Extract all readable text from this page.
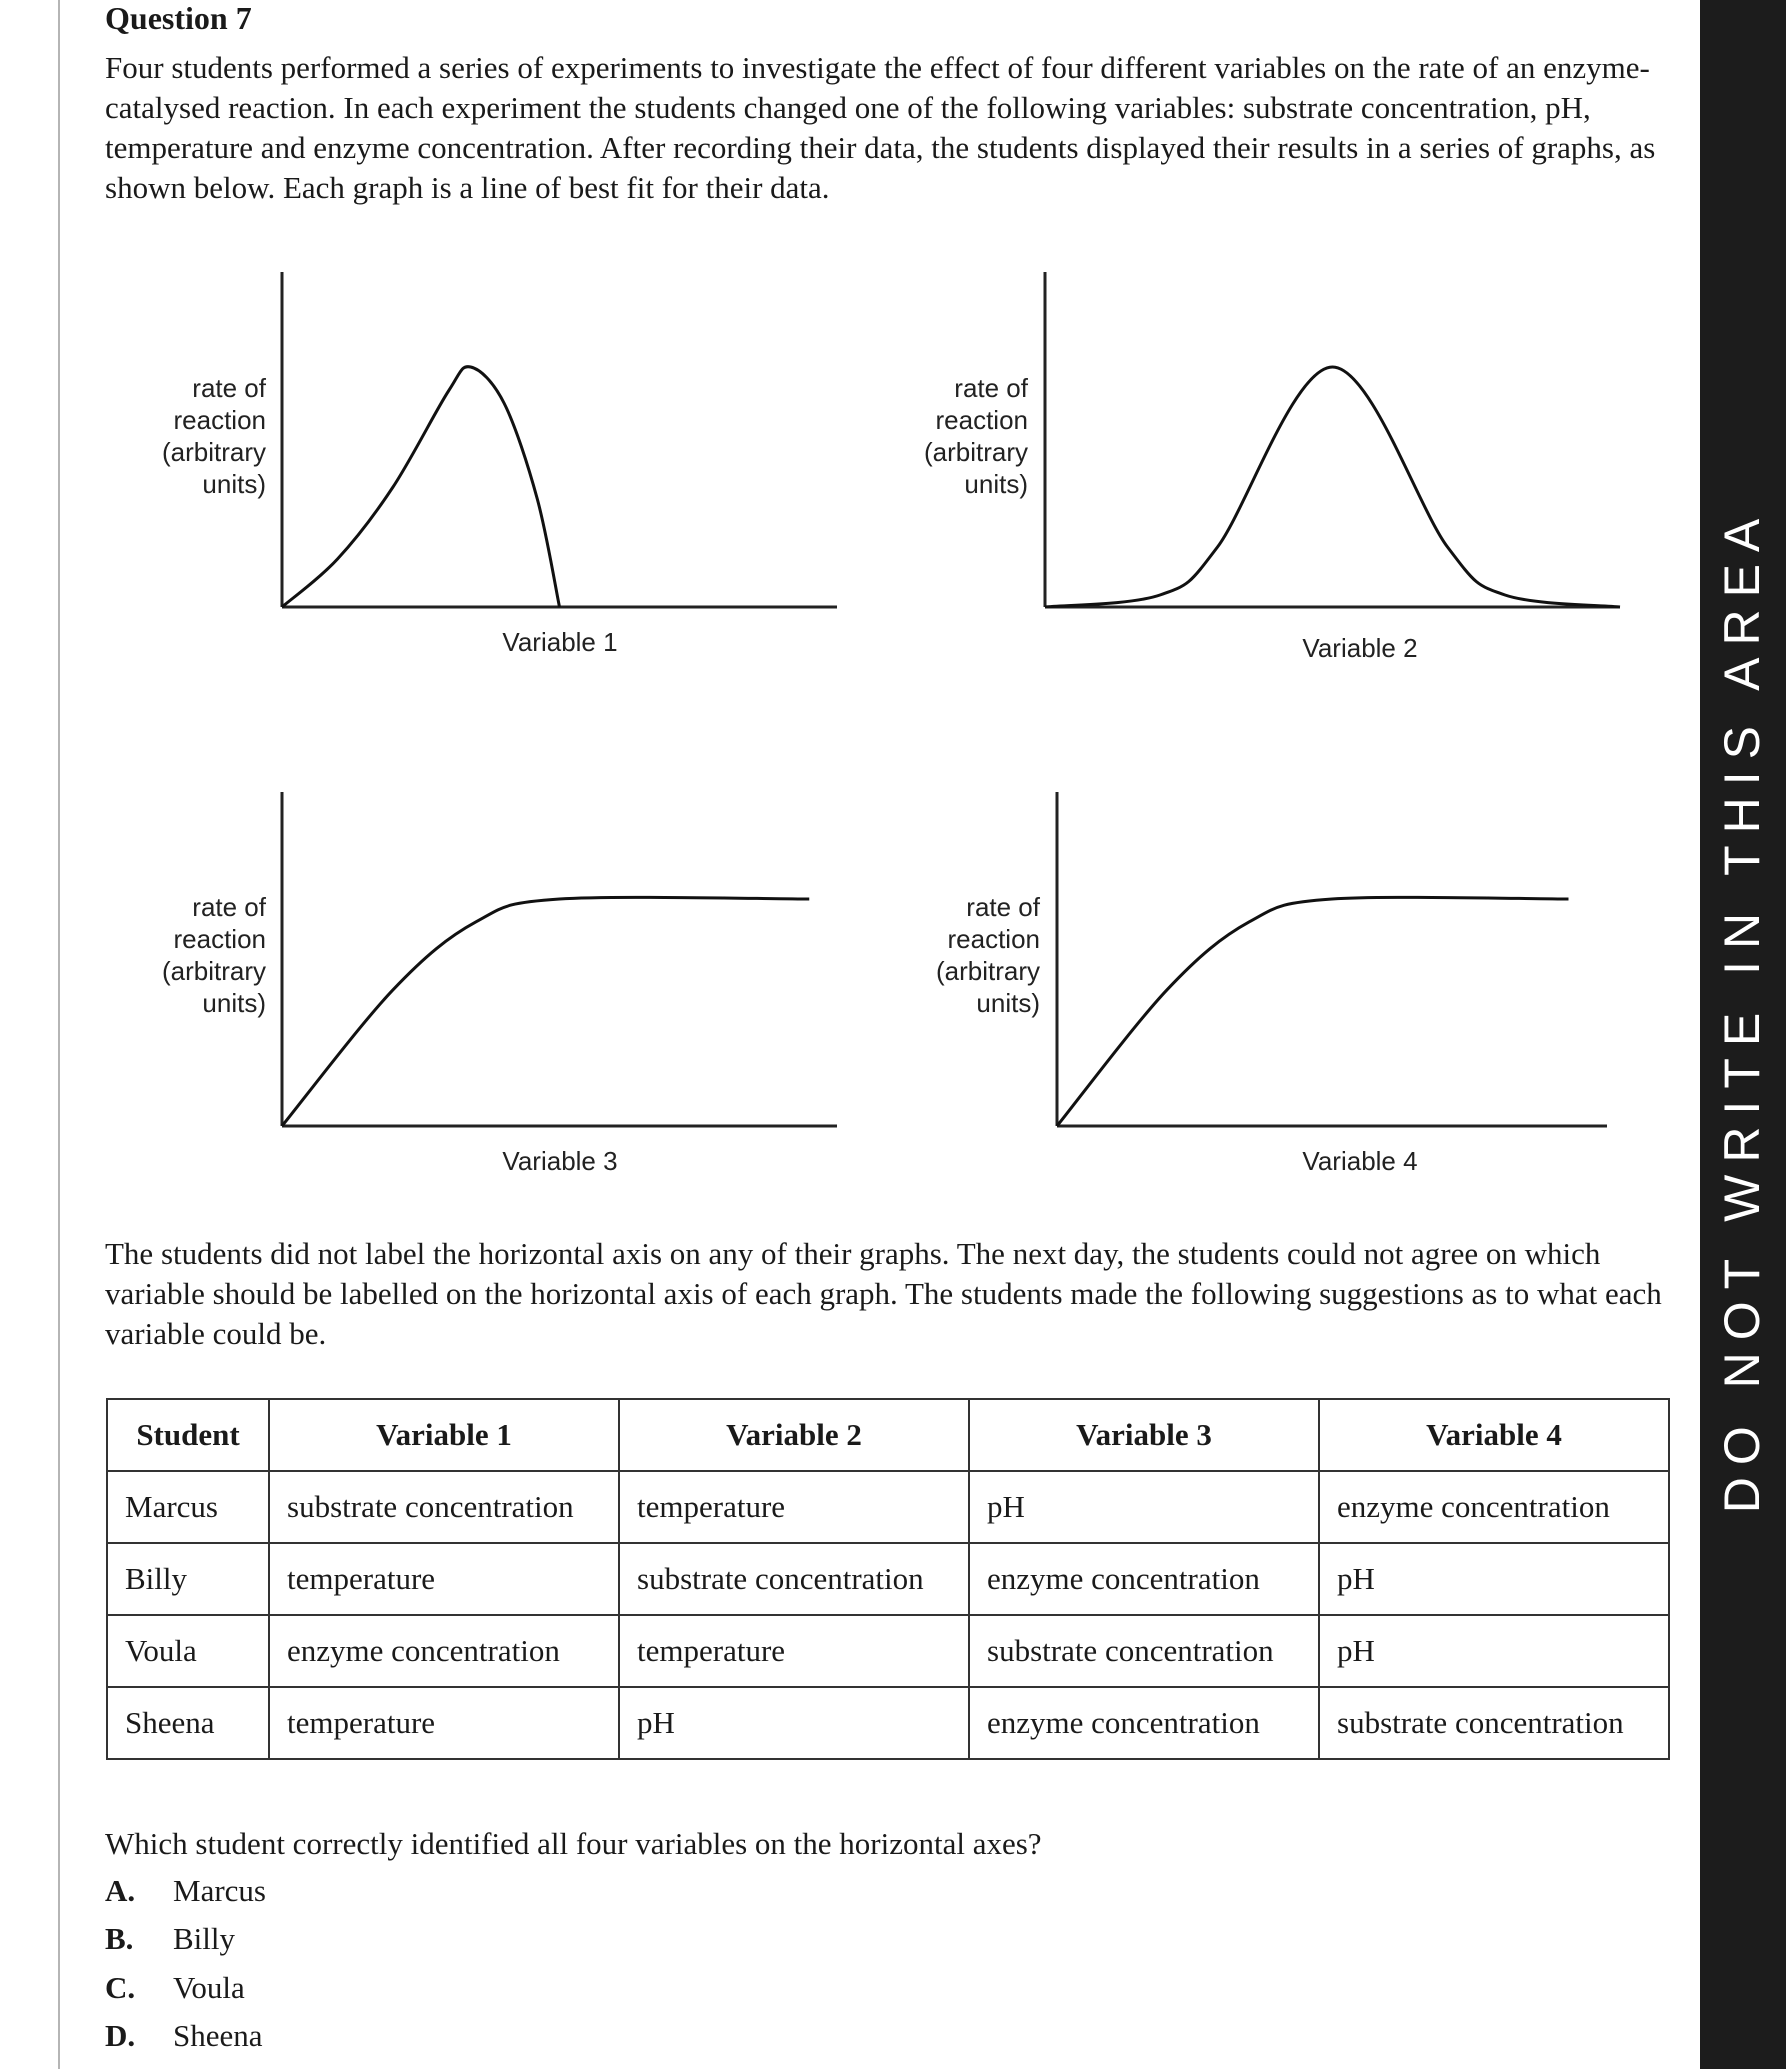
DO NOT WRITE IN THIS AREA
Question 7

Four students performed a series of experiments to investigate the effect of four different variables on the rate of an enzyme-catalysed reaction. In each experiment the students changed one of the following variables: substrate concentration, pH, temperature and enzyme concentration. After recording their data, the students displayed their results in a series of graphs, as shown below. Each graph is a line of best fit for their data.

rate of reaction (arbitrary units)
Variable 1
rate of reaction (arbitrary units)
Variable 2
rate of reaction (arbitrary units)
Variable 3
rate of reaction (arbitrary units)
Variable 4

The students did not label the horizontal axis on any of their graphs. The next day, the students could not agree on which variable should be labelled on the horizontal axis of each graph. The students made the following suggestions as to what each variable could be.

Student	Variable 1	Variable 2	Variable 3	Variable 4
Marcus	substrate concentration	temperature	pH	enzyme concentration
Billy	temperature	substrate concentration	enzyme concentration	pH
Voula	enzyme concentration	temperature	substrate concentration	pH
Sheena	temperature	pH	enzyme concentration	substrate concentration
Which student correctly identified all four variables on the horizontal axes?
A. Marcus
B. Billy
C. Voula
D. Sheena
